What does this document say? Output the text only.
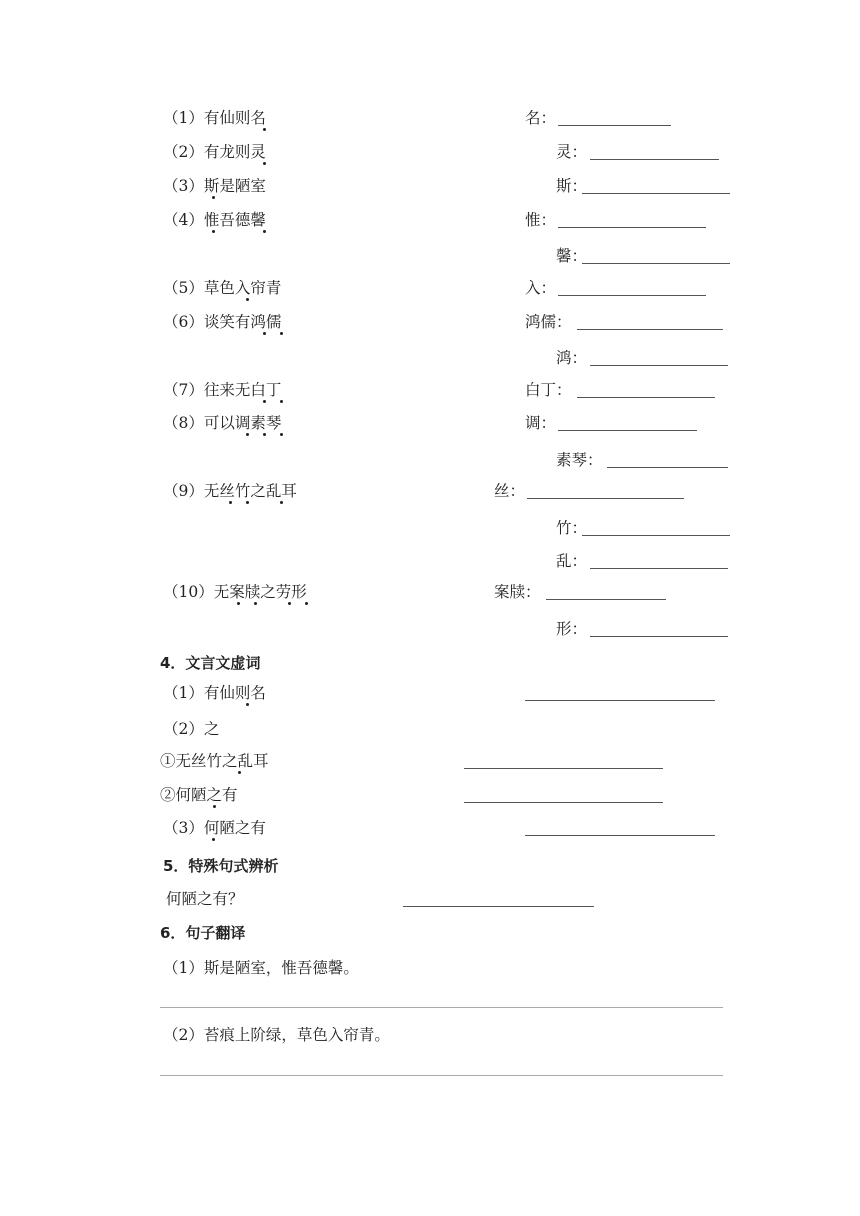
（1）有仙则名	名：
（2）有龙则灵	灵：
（3）斯是陋室	斯：
（4）惟吾德馨	惟：
馨：
（5）草色入帘青	入：
（6）谈笑有鸿儒	鸿儒：
鸿：
（7）往来无白丁	白丁：
（8）可以调素琴	调：
素琴：
（9）无丝竹之乱耳	丝：
竹：
乱：
（10）无案牍之劳形	案牍：
形：
4．文言文虚词
（1）有仙则名
（2）之
①无丝竹之乱耳
②何陋之有
（3）何陋之有
5．特殊句式辨析
何陋之有？
6．句子翻译
（1）斯是陋室，惟吾德馨。
（2）苔痕上阶绿，草色入帘青。
